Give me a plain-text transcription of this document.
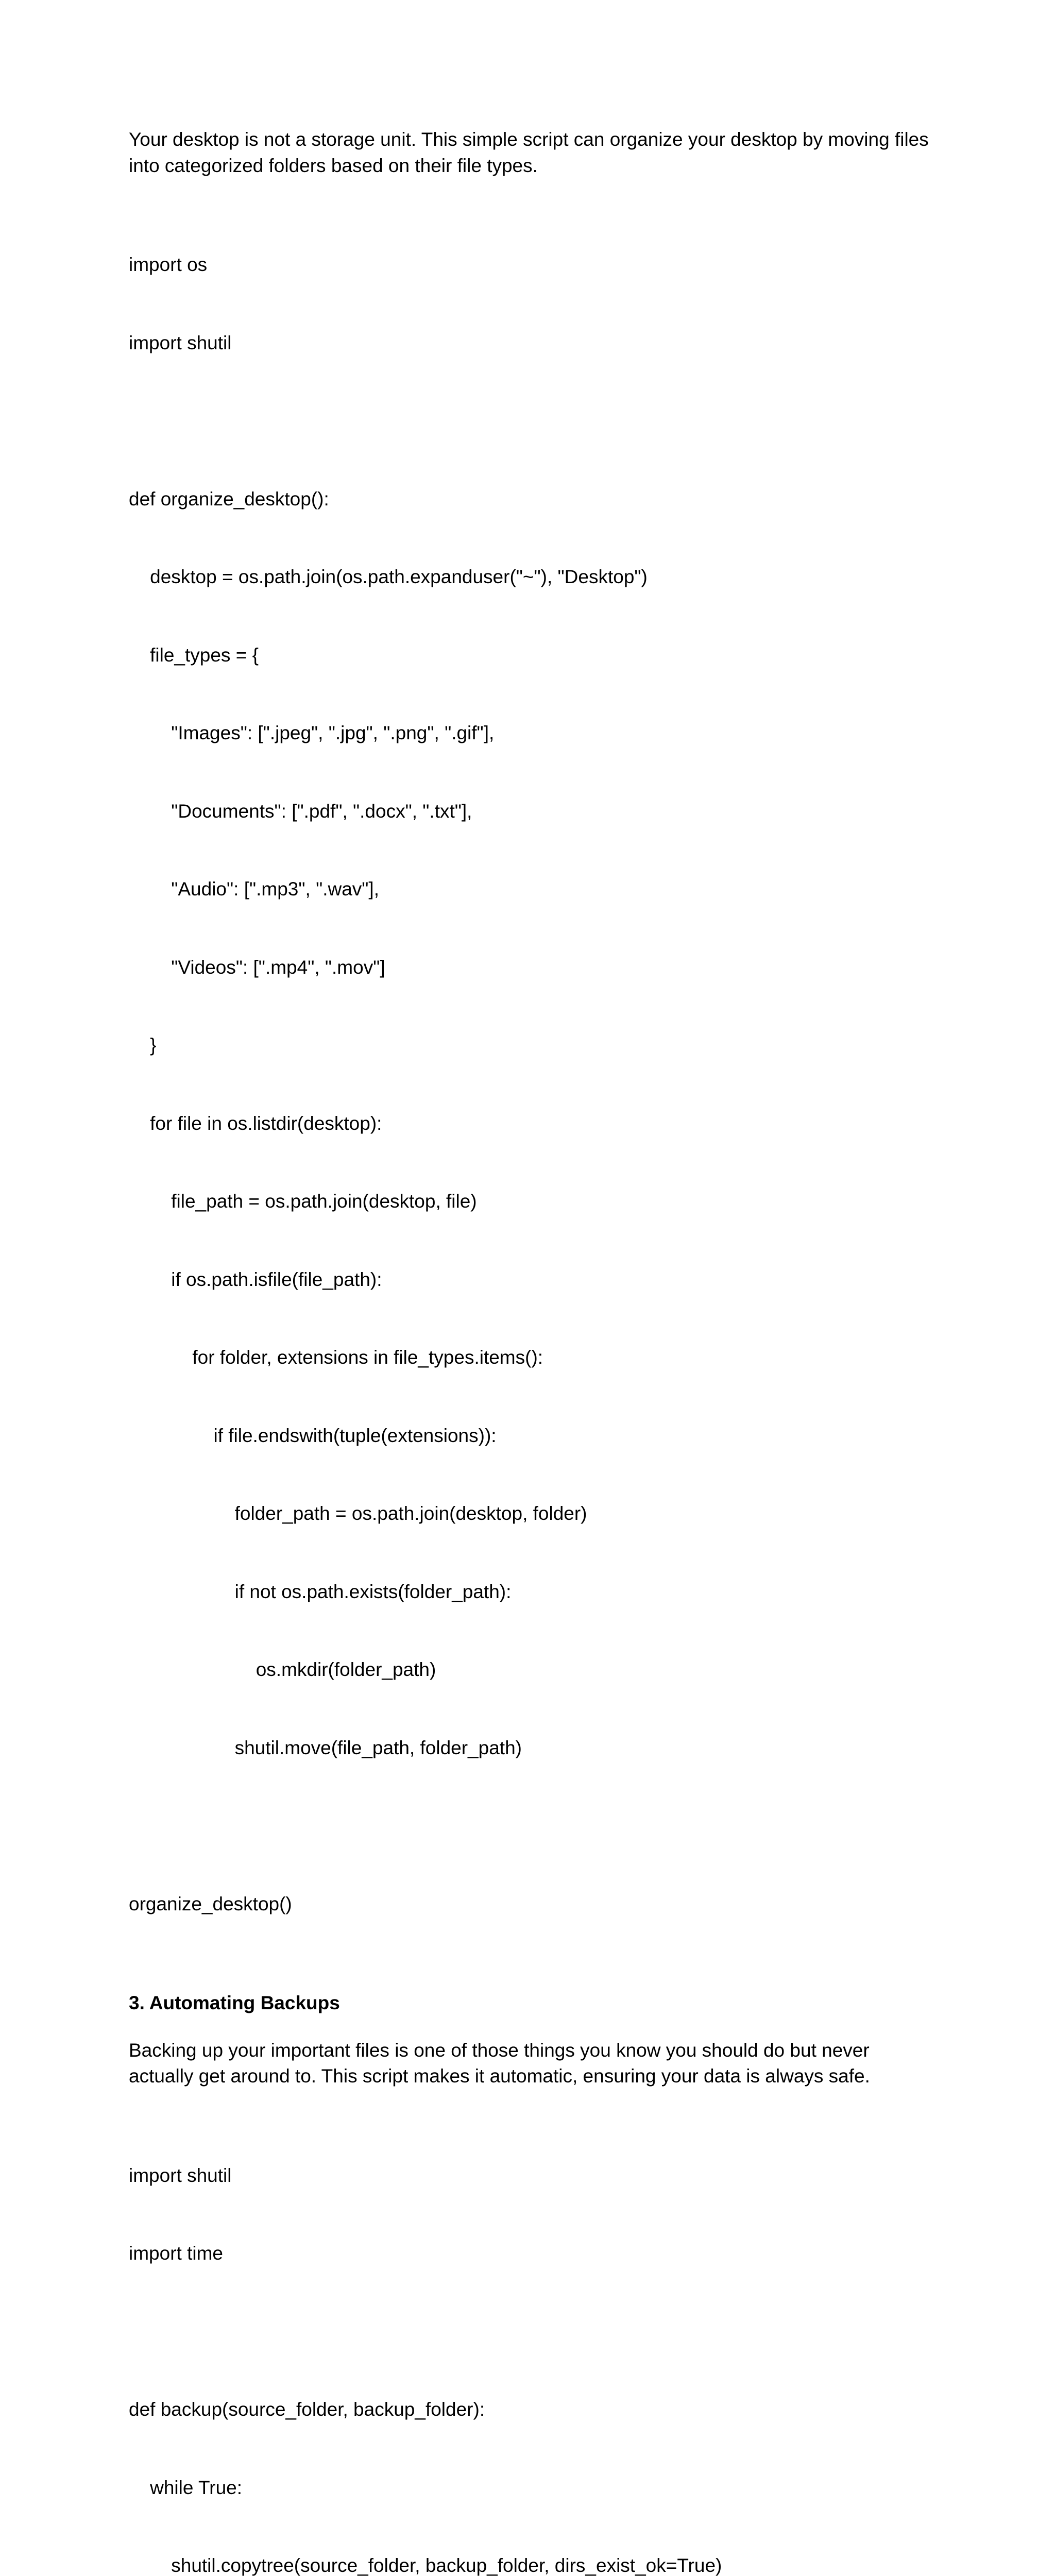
Your desktop is not a storage unit. This simple script can organize your desktop by moving files into categorized folders based on their file types.

import os

import shutil

def organize_desktop():

desktop = os.path.join(os.path.expanduser("~"), "Desktop")

file_types = {

"Images": [".jpeg", ".jpg", ".png", ".gif"],

"Documents": [".pdf", ".docx", ".txt"],

"Audio": [".mp3", ".wav"],

"Videos": [".mp4", ".mov"]

}

for file in os.listdir(desktop):

file_path = os.path.join(desktop, file)

if os.path.isfile(file_path):

for folder, extensions in file_types.items():

if file.endswith(tuple(extensions)):

folder_path = os.path.join(desktop, folder)

if not os.path.exists(folder_path):

os.mkdir(folder_path)

shutil.move(file_path, folder_path)

organize_desktop()

3. Automating Backups

Backing up your important files is one of those things you know you should do but never actually get around to. This script makes it automatic, ensuring your data is always safe.

import shutil

import time

def backup(source_folder, backup_folder):

while True:

shutil.copytree(source_folder, backup_folder, dirs_exist_ok=True)
